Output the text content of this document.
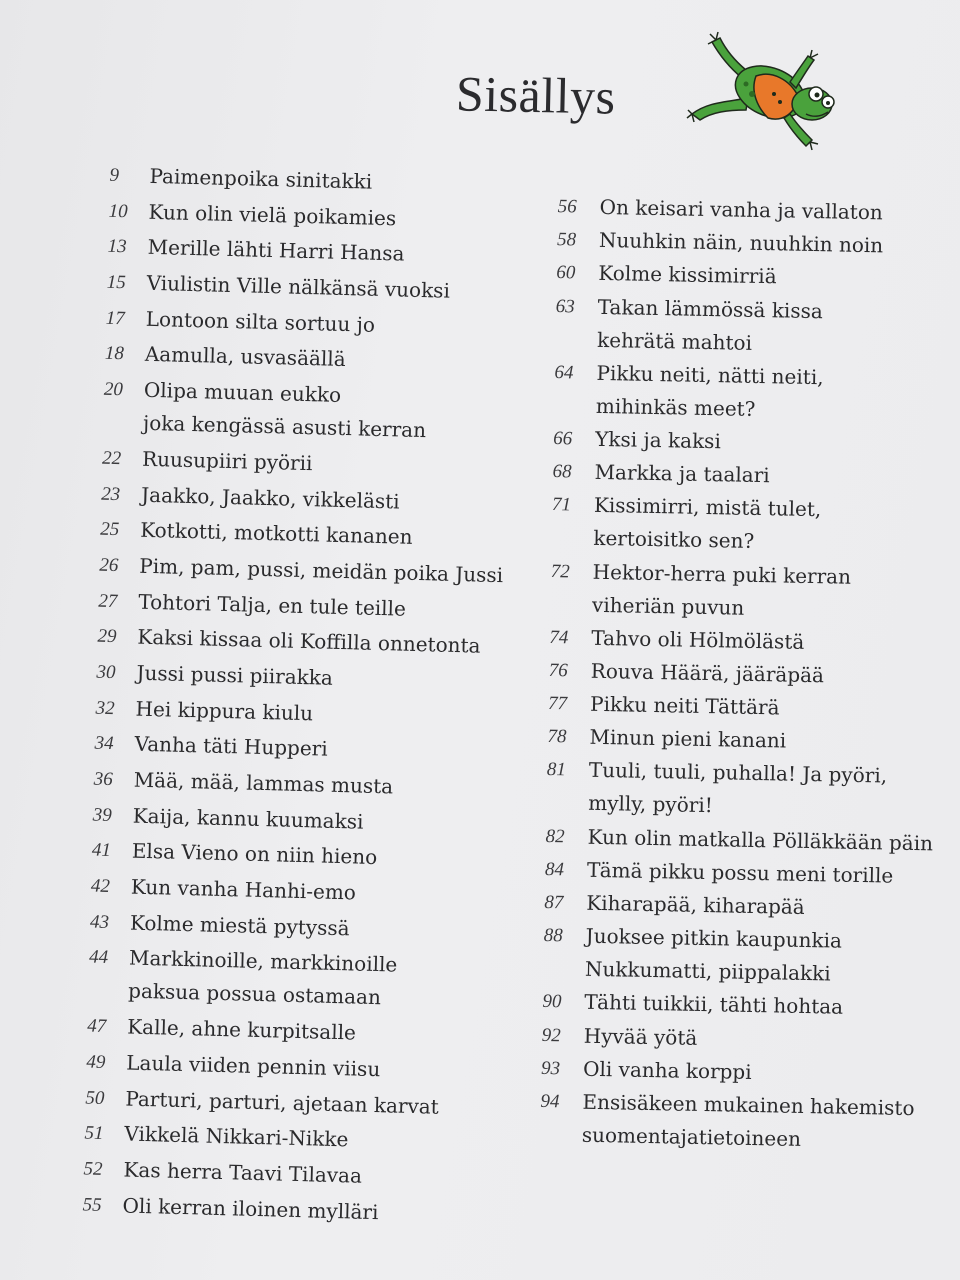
Sisällys
9	Paimenpoika sinitakki
10	Kun olin vielä poikamies
13	Merille lähti Harri Hansa
15	Viulistin Ville nälkänsä vuoksi
17	Lontoon silta sortuu jo
18	Aamulla, usvasäällä
20	Olipa muuan eukko
joka kengässä asusti kerran
22	Ruusupiiri pyörii
23	Jaakko, Jaakko, vikkelästi
25	Kotkotti, motkotti kananen
26	Pim, pam, pussi, meidän poika Jussi
27	Tohtori Talja, en tule teille
29	Kaksi kissaa oli Koffilla onnetonta
30	Jussi pussi piirakka
32	Hei kippura kiulu
34	Vanha täti Hupperi
36	Mää, mää, lammas musta
39	Kaija, kannu kuumaksi
41	Elsa Vieno on niin hieno
42	Kun vanha Hanhi-emo
43	Kolme miestä pytyssä
44	Markkinoille, markkinoille
paksua possua ostamaan
47	Kalle, ahne kurpitsalle
49	Laula viiden pennin viisu
50	Parturi, parturi, ajetaan karvat
51	Vikkelä Nikkari-Nikke
52	Kas herra Taavi Tilavaa
55	Oli kerran iloinen mylläri
56	On keisari vanha ja vallaton
58	Nuuhkin näin, nuuhkin noin
60	Kolme kissimirriä
63	Takan lämmössä kissa
kehrätä mahtoi
64	Pikku neiti, nätti neiti,
mihinkäs meet?
66	Yksi ja kaksi
68	Markka ja taalari
71	Kissimirri, mistä tulet,
kertoisitko sen?
72	Hektor-herra puki kerran
viheriän puvun
74	Tahvo oli Hölmölästä
76	Rouva Häärä, jääräpää
77	Pikku neiti Tättärä
78	Minun pieni kanani
81	Tuuli, tuuli, puhalla! Ja pyöri,
mylly, pyöri!
82	Kun olin matkalla Pölläkkään päin
84	Tämä pikku possu meni torille
87	Kiharapää, kiharapää
88	Juoksee pitkin kaupunkia
Nukkumatti, piippalakki
90	Tähti tuikkii, tähti hohtaa
92	Hyvää yötä
93	Oli vanha korppi
94	Ensisäkeen mukainen hakemisto
suomentajatietoineen
